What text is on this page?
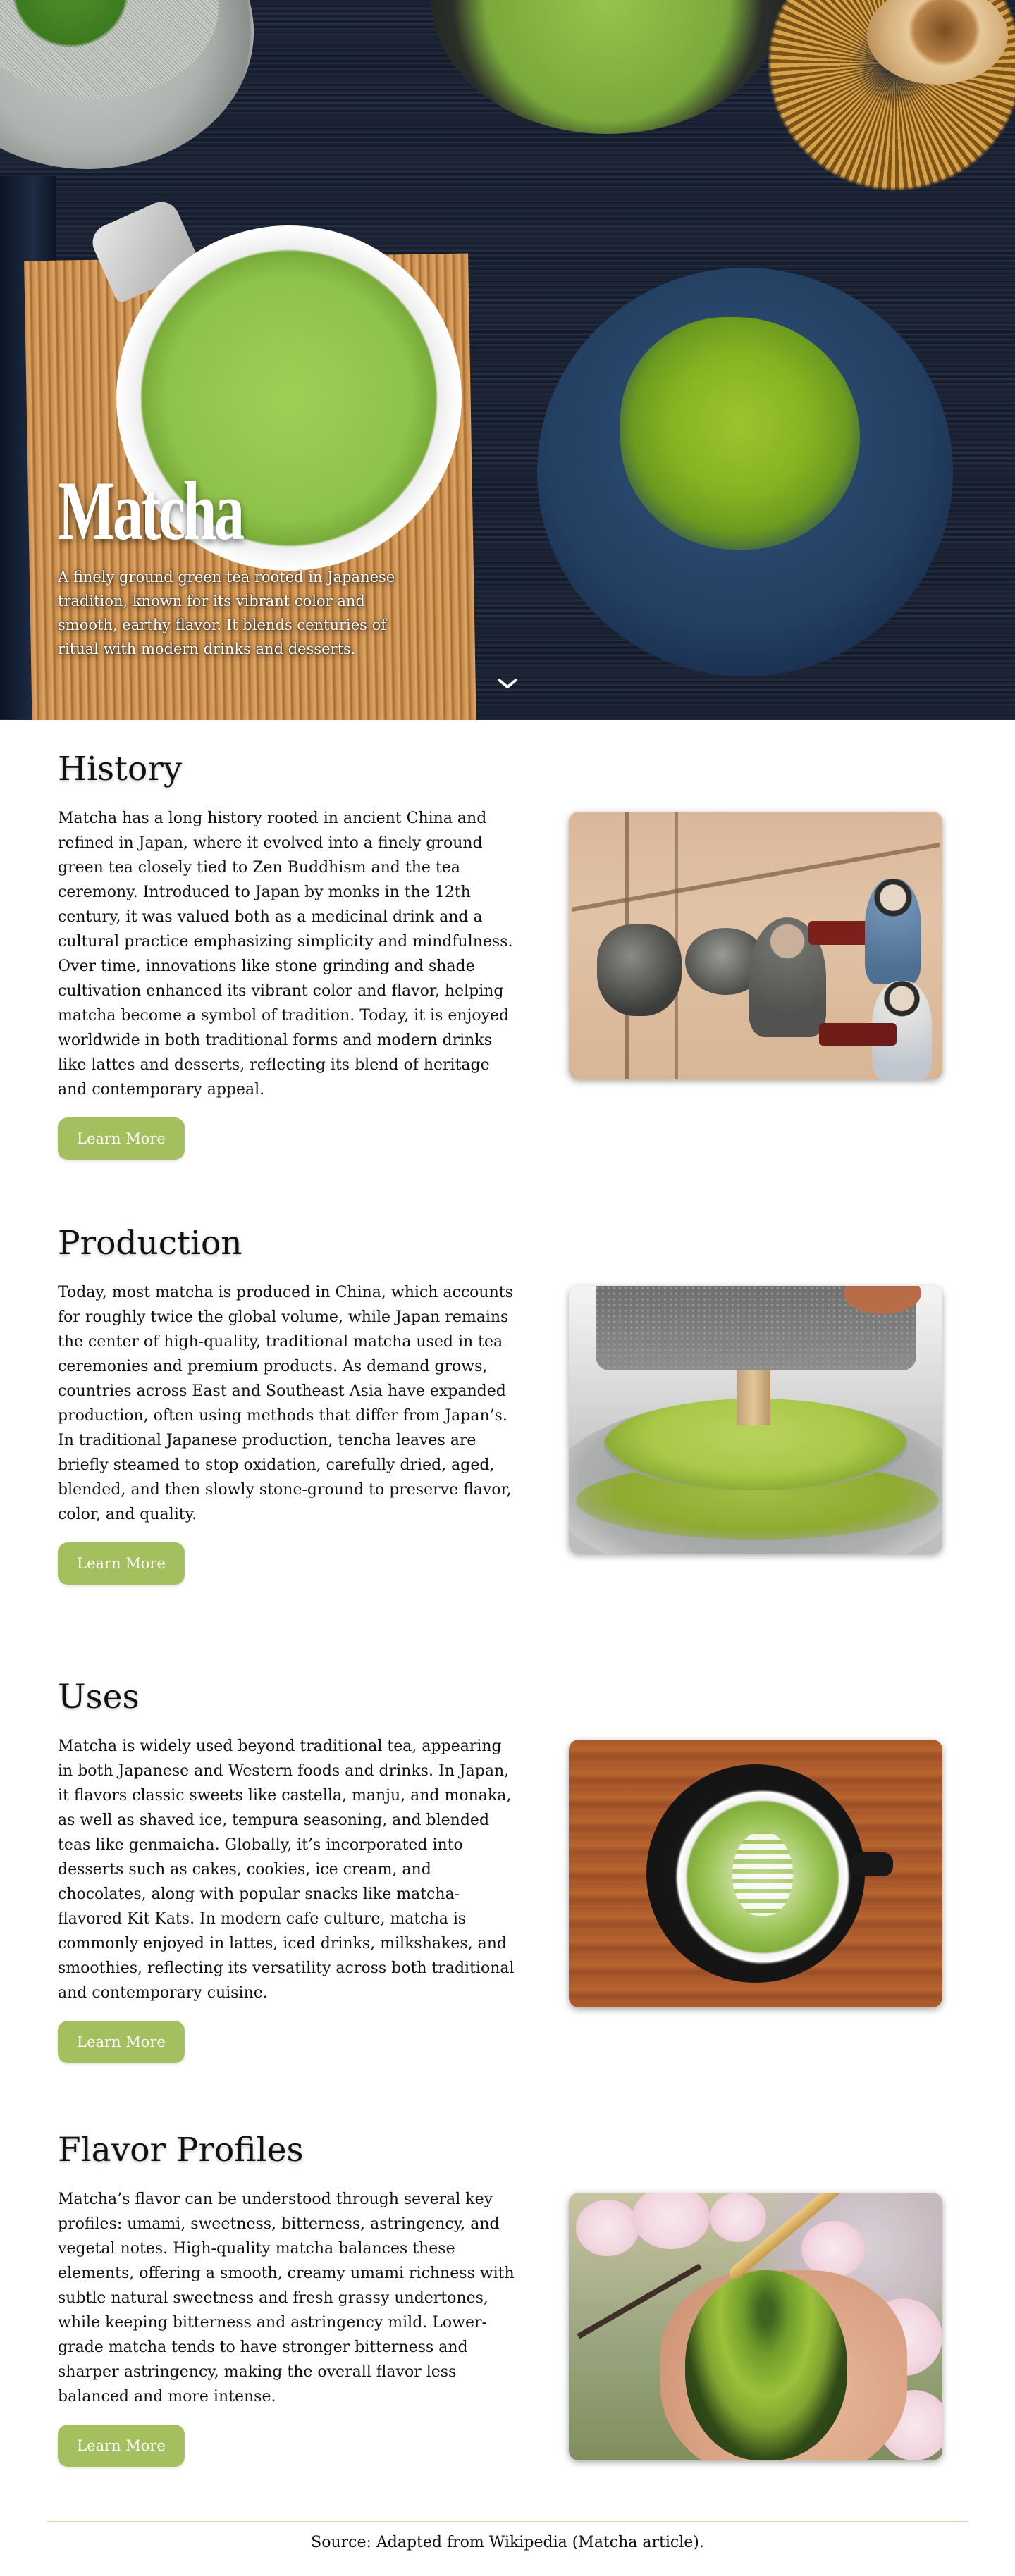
Matcha

A finely ground green tea rooted in Japanese tradition, known for its vibrant color and smooth, earthy flavor. It blends centuries of ritual with modern drinks and desserts.

History

Matcha has a long history rooted in ancient China and refined in Japan, where it evolved into a finely ground green tea closely tied to Zen Buddhism and the tea ceremony. Introduced to Japan by monks in the 12th century, it was valued both as a medicinal drink and a cultural practice emphasizing simplicity and mindfulness. Over time, innovations like stone grinding and shade cultivation enhanced its vibrant color and flavor, helping matcha become a symbol of tradition. Today, it is enjoyed worldwide in both traditional forms and modern drinks like lattes and desserts, reflecting its blend of heritage and contemporary appeal.

Learn More
Production

Today, most matcha is produced in China, which accounts for roughly twice the global volume, while Japan remains the center of high-quality, traditional matcha used in tea ceremonies and premium products. As demand grows, countries across East and Southeast Asia have expanded production, often using methods that differ from Japan’s. In traditional Japanese production, tencha leaves are briefly steamed to stop oxidation, carefully dried, aged, blended, and then slowly stone-ground to preserve flavor, color, and quality.

Learn More
Uses

Matcha is widely used beyond traditional tea, appearing in both Japanese and Western foods and drinks. In Japan, it flavors classic sweets like castella, manju, and monaka, as well as shaved ice, tempura seasoning, and blended teas like genmaicha. Globally, it’s incorporated into desserts such as cakes, cookies, ice cream, and chocolates, along with popular snacks like matcha-flavored Kit Kats. In modern cafe culture, matcha is commonly enjoyed in lattes, iced drinks, milkshakes, and smoothies, reflecting its versatility across both traditional and contemporary cuisine.

Learn More
Flavor Profiles

Matcha’s flavor can be understood through several key profiles: umami, sweetness, bitterness, astringency, and vegetal notes. High-quality matcha balances these elements, offering a smooth, creamy umami richness with subtle natural sweetness and fresh grassy undertones, while keeping bitterness and astringency mild. Lower-grade matcha tends to have stronger bitterness and sharper astringency, making the overall flavor less balanced and more intense.

Learn More
Source: Adapted from Wikipedia (Matcha article).
